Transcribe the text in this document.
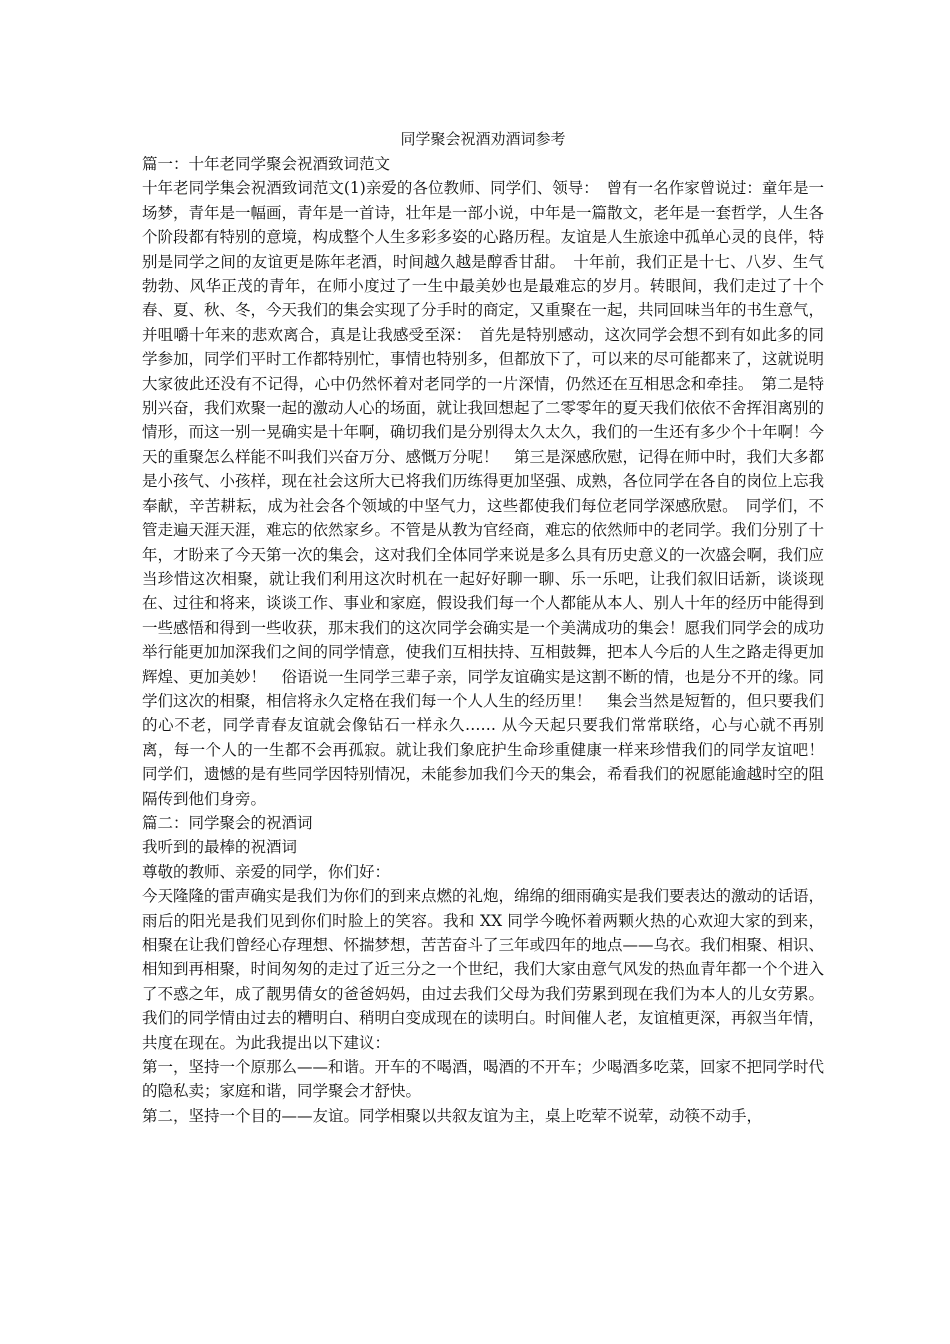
同学聚会祝酒劝酒词参考

篇一：十年老同学聚会祝酒致词范文

十年老同学集会祝酒致词范文(1)亲爱的各位教师、同学们、领导：　曾有一名作家曾说过：童年是一场梦，青年是一幅画，青年是一首诗，壮年是一部小说，中年是一篇散文，老年是一套哲学，人生各个阶段都有特别的意境，构成整个人生多彩多姿的心路历程。友谊是人生旅途中孤单心灵的良伴，特别是同学之间的友谊更是陈年老酒，时间越久越是醇香甘甜。　十年前，我们正是十七、八岁、生气勃勃、风华正茂的青年，在师小度过了一生中最美妙也是最难忘的岁月。转眼间，我们走过了十个春、夏、秋、冬，今天我们的集会实现了分手时的商定，又重聚在一起，共同回味当年的书生意气，并咀嚼十年来的悲欢离合，真是让我感受至深：　首先是特别感动，这次同学会想不到有如此多的同学参加，同学们平时工作都特别忙，事情也特别多，但都放下了，可以来的尽可能都来了，这就说明大家彼此还没有不记得，心中仍然怀着对老同学的一片深情，仍然还在互相思念和牵挂。　第二是特别兴奋，我们欢聚一起的激动人心的场面，就让我回想起了二零零年的夏天我们依依不舍挥泪离别的情形，而这一别一晃确实是十年啊，确切我们是分别得太久太久，我们的一生还有多少个十年啊！今天的重聚怎么样能不叫我们兴奋万分、感慨万分呢！　第三是深感欣慰，记得在师中时，我们大多都是小孩气、小孩样，现在社会这所大已将我们历练得更加坚强、成熟，各位同学在各自的岗位上忘我奉献，辛苦耕耘，成为社会各个领域的中坚气力，这些都使我们每位老同学深感欣慰。　同学们，不管走遍天涯天涯，难忘的依然家乡。不管是从教为官经商，难忘的依然师中的老同学。我们分别了十年，才盼来了今天第一次的集会，这对我们全体同学来说是多么具有历史意义的一次盛会啊，我们应当珍惜这次相聚，就让我们利用这次时机在一起好好聊一聊、乐一乐吧，让我们叙旧话新，谈谈现在、过往和将来，谈谈工作、事业和家庭，假设我们每一个人都能从本人、别人十年的经历中能得到一些感悟和得到一些收获，那末我们的这次同学会确实是一个美满成功的集会！愿我们同学会的成功举行能更加加深我们之间的同学情意，使我们互相扶持、互相鼓舞，把本人今后的人生之路走得更加辉煌、更加美妙！　俗语说一生同学三辈子亲，同学友谊确实是这割不断的情，也是分不开的缘。同学们这次的相聚，相信将永久定格在我们每一个人人生的经历里！　集会当然是短暂的，但只要我们的心不老，同学青春友谊就会像钻石一样永久…… 从今天起只要我们常常联络，心与心就不再别离，每一个人的一生都不会再孤寂。就让我们象庇护生命珍重健康一样来珍惜我们的同学友谊吧！　同学们，遗憾的是有些同学因特别情况，未能参加我们今天的集会，希看我们的祝愿能逾越时空的阻隔传到他们身旁。

篇二：同学聚会的祝酒词

我听到的最棒的祝酒词

尊敬的教师、亲爱的同学，你们好：

今天隆隆的雷声确实是我们为你们的到来点燃的礼炮，绵绵的细雨确实是我们要表达的激动的话语，雨后的阳光是我们见到你们时脸上的笑容。我和 XX 同学今晚怀着两颗火热的心欢迎大家的到来，相聚在让我们曾经心存理想、怀揣梦想，苦苦奋斗了三年或四年的地点——乌衣。我们相聚、相识、相知到再相聚，时间匆匆的走过了近三分之一个世纪，我们大家由意气风发的热血青年都一个个进入了不惑之年，成了靓男倩女的爸爸妈妈，由过去我们父母为我们劳累到现在我们为本人的儿女劳累。我们的同学情由过去的糟明白、稍明白变成现在的读明白。时间催人老，友谊植更深，再叙当年情，共度在现在。为此我提出以下建议：

第一，坚持一个原那么——和谐。开车的不喝酒，喝酒的不开车；少喝酒多吃菜，回家不把同学时代的隐私卖；家庭和谐，同学聚会才舒快。

第二，坚持一个目的——友谊。同学相聚以共叙友谊为主，桌上吃荤不说荤，动筷不动手，
